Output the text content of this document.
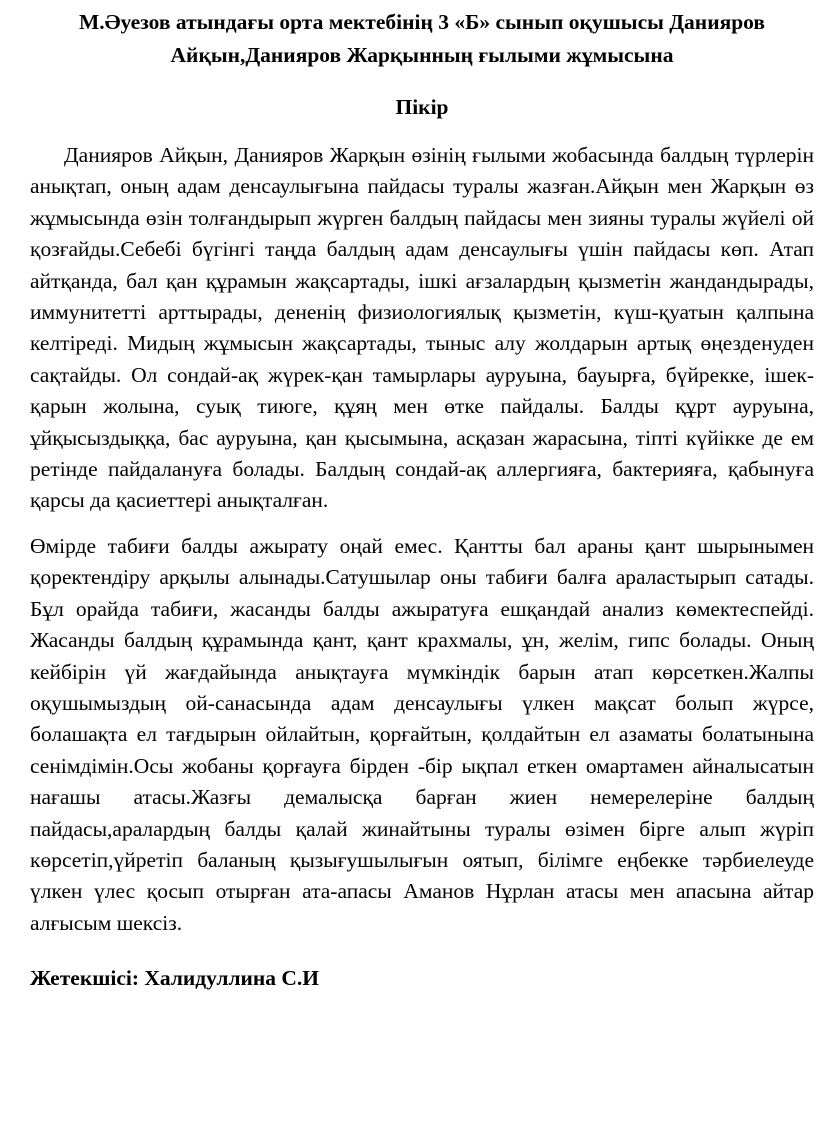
М.Әуезов атындағы орта мектебінің 3 «Б» сынып оқушысы Данияров Айқын,Данияров Жарқынның ғылыми жұмысына

Пікір

Данияров Айқын, Данияров Жарқын өзінің ғылыми жобасында балдың түрлерін анықтап, оның адам денсаулығына пайдасы туралы жазған.Айқын мен Жарқын өз жұмысында өзін толғандырып жүрген балдың пайдасы мен зияны туралы жүйелі ой қозғайды.Себебі бүгінгі таңда балдың адам денсаулығы үшін пайдасы көп. Атап айтқанда, бал қан құрамын жақсартады, ішкі ағзалардың қызметін жандандырады, иммунитетті арттырады, дененің физиологиялық қызметін, күш-қуатын қалпына келтіреді. Мидың жұмысын жақсартады, тыныс алу жолдарын артық өңезденуден сақтайды. Ол сондай-ақ жүрек-қан тамырлары ауруына, бауырға, бүйрекке, ішек-қарын жолына, суық тиюге, құяң мен өтке пайдалы. Балды құрт ауруына, ұйқысыздыққа, бас ауруына, қан қысымына, асқазан жарасына, тіпті күйікке де ем ретінде пайдалануға болады. Балдың сондай-ақ аллергияға, бактерияға, қабынуға қарсы да қасиеттері анықталған.

Өмірде табиғи балды ажырату оңай емес. Қантты бал араны қант шырынымен қоректендіру арқылы алынады.Сатушылар оны табиғи балға араластырып сатады. Бұл орайда табиғи, жасанды балды ажыратуға ешқандай анализ көмектеспейді. Жасанды балдың құрамында қант, қант крахмалы, ұн, желім, гипс болады. Оның кейбірін үй жағдайында анықтауға мүмкіндік барын атап көрсеткен.Жалпы оқушымыздың ой-санасында адам денсаулығы үлкен мақсат болып жүрсе, болашақта ел тағдырын ойлайтын, қорғайтын, қолдайтын ел азаматы болатынына сенімдімін.Осы жобаны қорғауға бірден -бір ықпал еткен омартамен айналысатын нағашы атасы.Жазғы демалысқа барған жиен немерелеріне балдың пайдасы,аралардың балды қалай жинайтыны туралы өзімен бірге алып жүріп көрсетіп,үйретіп баланың қызығушылығын оятып, білімге еңбекке тәрбиелеуде үлкен үлес қосып отырған ата-апасы Аманов Нұрлан атасы мен апасына айтар алғысым шексіз.

Жетекшісі: Халидуллина С.И
